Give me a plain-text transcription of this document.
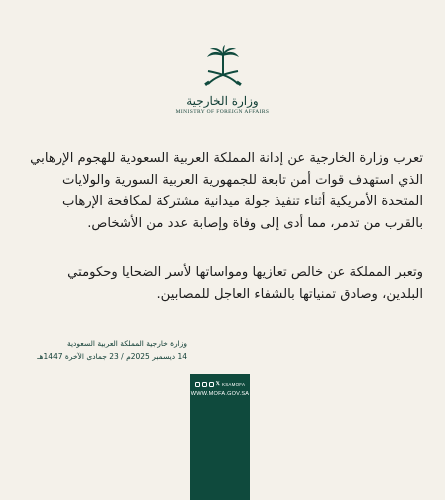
وزارة الخارجية
MINISTRY OF FOREIGN AFFAIRS

تعرب وزارة الخارجية عن إدانة المملكة العربية السعودية للهجوم الإرهابي الذي استهدف قوات أمن تابعة للجمهورية العربية السورية والولايات المتحدة الأمريكية أثناء تنفيذ جولة ميدانية مشتركة لمكافحة الإرهاب بالقرب من تدمر، مما أدى إلى وفاة وإصابة عدد من الأشخاص.

وتعبر المملكة عن خالص تعازيها ومواساتها لأسر الضحايا وحكومتي البلدين، وصادق تمنياتها بالشفاء العاجل للمصابين.

وزارة خارجية المملكة العربية السعودية
14 ديسمبر 2025م / 23 جمادى الآخرة 1447هـ
𝕏 KSAMOFA
WWW.MOFA.GOV.SA
